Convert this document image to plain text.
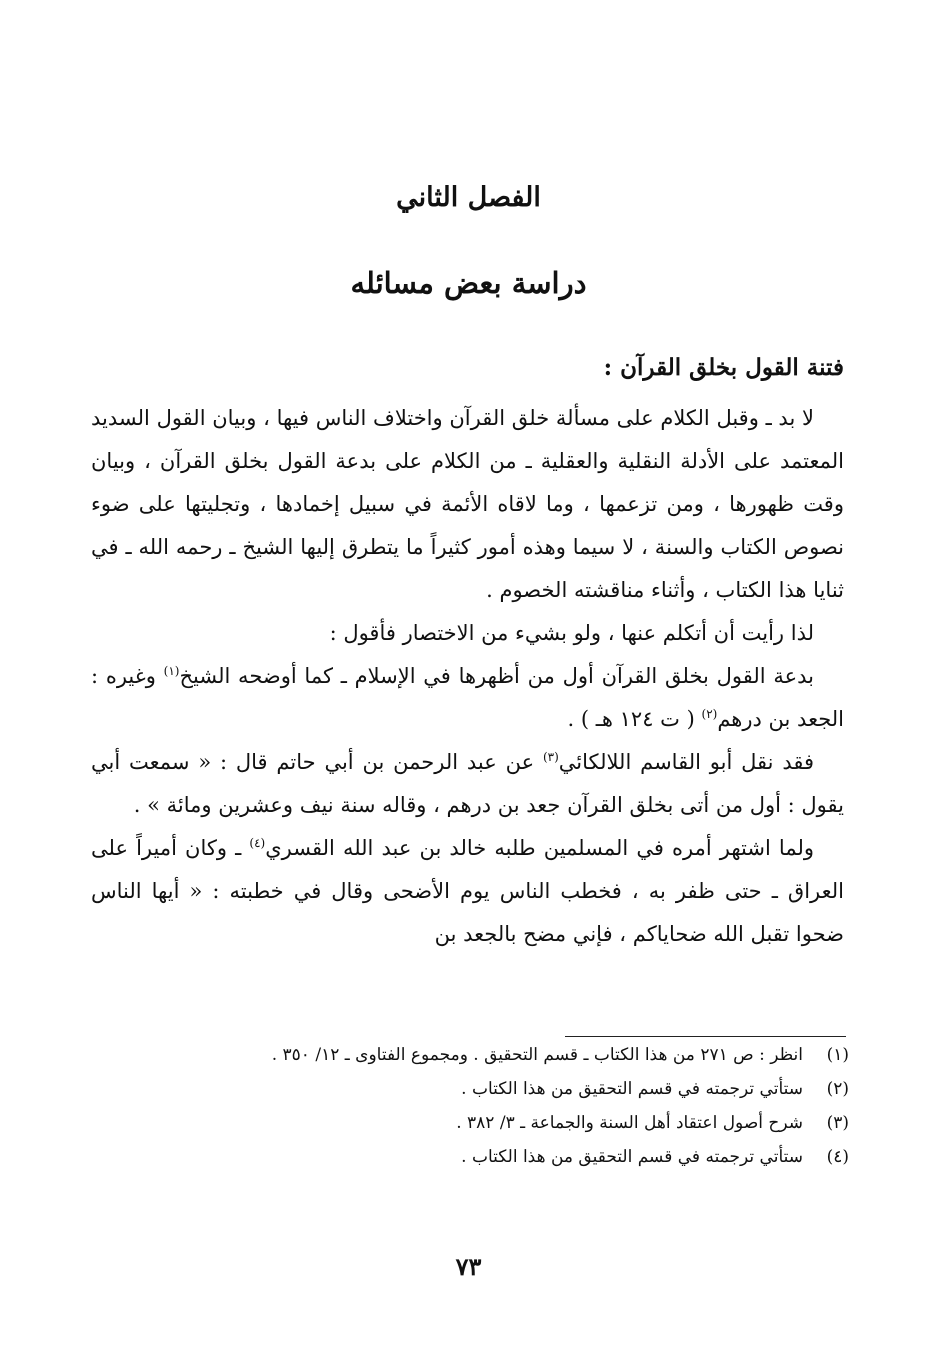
الفصل الثاني
دراسة بعض مسائله
فتنة القول بخلق القرآن :

لا بد ـ وقبل الكلام على مسألة خلق القرآن واختلاف الناس فيها ، وبيان القول السديد المعتمد على الأدلة النقلية والعقلية ـ من الكلام على بدعة القول بخلق القرآن ، وبيان وقت ظهورها ، ومن تزعمها ، وما لاقاه الأئمة في سبيل إخمادها ، وتجليتها على ضوء نصوص الكتاب والسنة ، لا سيما وهذه أمور كثيراً ما يتطرق إليها الشيخ ـ رحمه الله ـ في ثنايا هذا الكتاب ، وأثناء مناقشته الخصوم .

لذا رأيت أن أتكلم عنها ، ولو بشيء من الاختصار فأقول :

بدعة القول بخلق القرآن أول من أظهرها في الإسلام ـ كما أوضحه الشيخ$^{(١)}$ وغيره : الجعد بن درهم$^{(٢)}$ ( ت ١٢٤ هـ ) .

فقد نقل أبو القاسم اللالكائي$^{(٣)}$ عن عبد الرحمن بن أبي حاتم قال : « سمعت أبي يقول : أول من أتى بخلق القرآن جعد بن درهم ، وقاله سنة نيف وعشرين ومائة » .

ولما اشتهر أمره في المسلمين طلبه خالد بن عبد الله القسري$^{(٤)}$ ـ وكان أميراً على العراق ـ حتى ظفر به ، فخطب الناس يوم الأضحى وقال في خطبته : « أيها الناس ضحوا تقبل الله ضحاياكم ، فإني مضح بالجعد بن

(١)
انظر : ص ٢٧١ من هذا الكتاب ـ قسم التحقيق . ومجموع الفتاوى ـ ١٢/ ٣٥٠ .
(٢)
ستأتي ترجمته في قسم التحقيق من هذا الكتاب .
(٣)
شرح أصول اعتقاد أهل السنة والجماعة ـ ٣/ ٣٨٢ .
(٤)
ستأتي ترجمته في قسم التحقيق من هذا الكتاب .
٧٣
